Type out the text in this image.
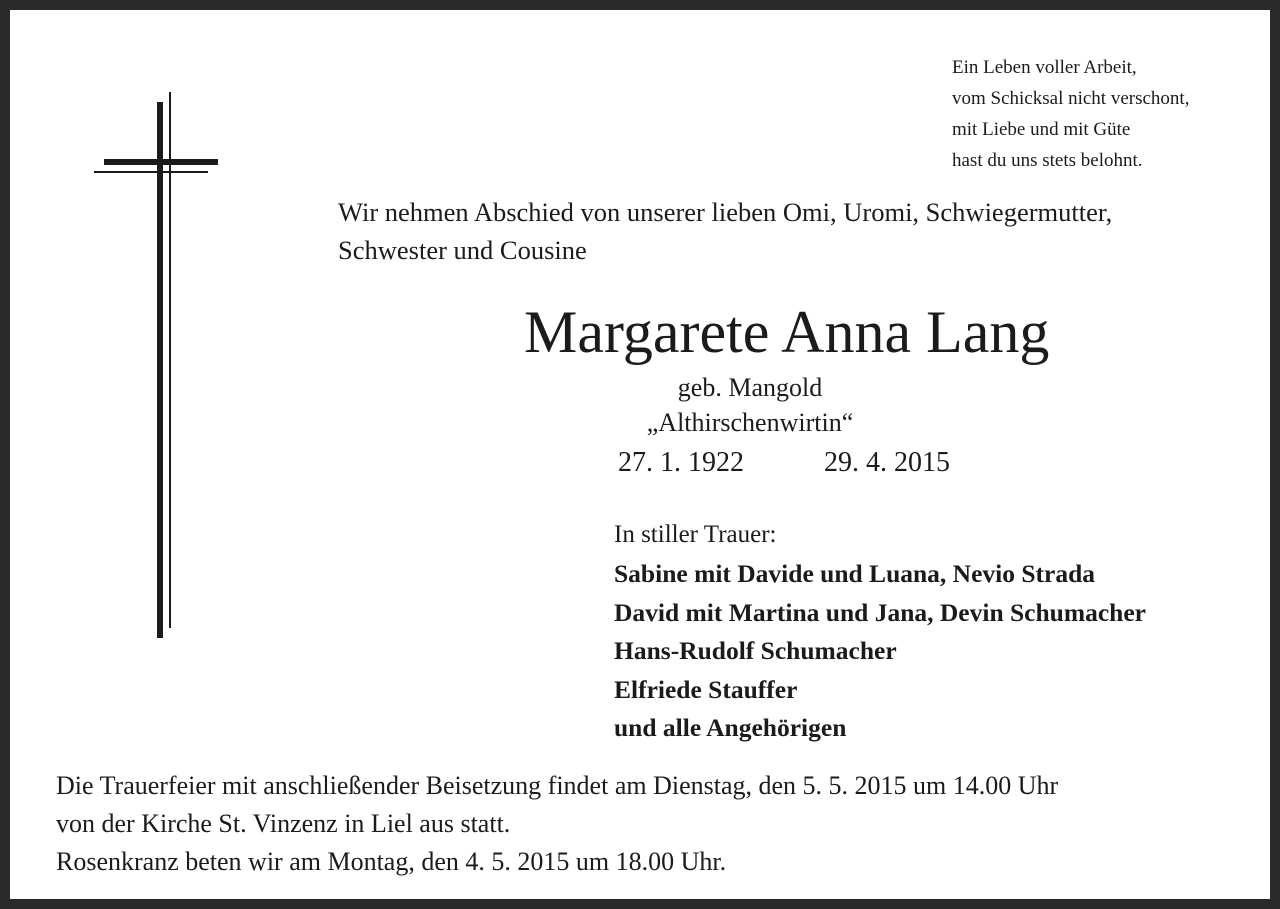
Ein Leben voller Arbeit,
vom Schicksal nicht verschont,
mit Liebe und mit Güte
hast du uns stets belohnt.
Wir nehmen Abschied von unserer lieben Omi, Uromi, Schwiegermutter,
Schwester und Cousine
Margarete Anna Lang
geb. Mangold
„Althirschenwirtin“
27. 1. 1922	29. 4. 2015
In stiller Trauer:
Sabine mit Davide und Luana, Nevio Strada
David mit Martina und Jana, Devin Schumacher
Hans-Rudolf Schumacher
Elfriede Stauffer
und alle Angehörigen
Die Trauerfeier mit anschließender Beisetzung findet am Dienstag, den 5. 5. 2015 um 14.00 Uhr
von der Kirche St. Vinzenz in Liel aus statt.
Rosenkranz beten wir am Montag, den 4. 5. 2015 um 18.00 Uhr.
